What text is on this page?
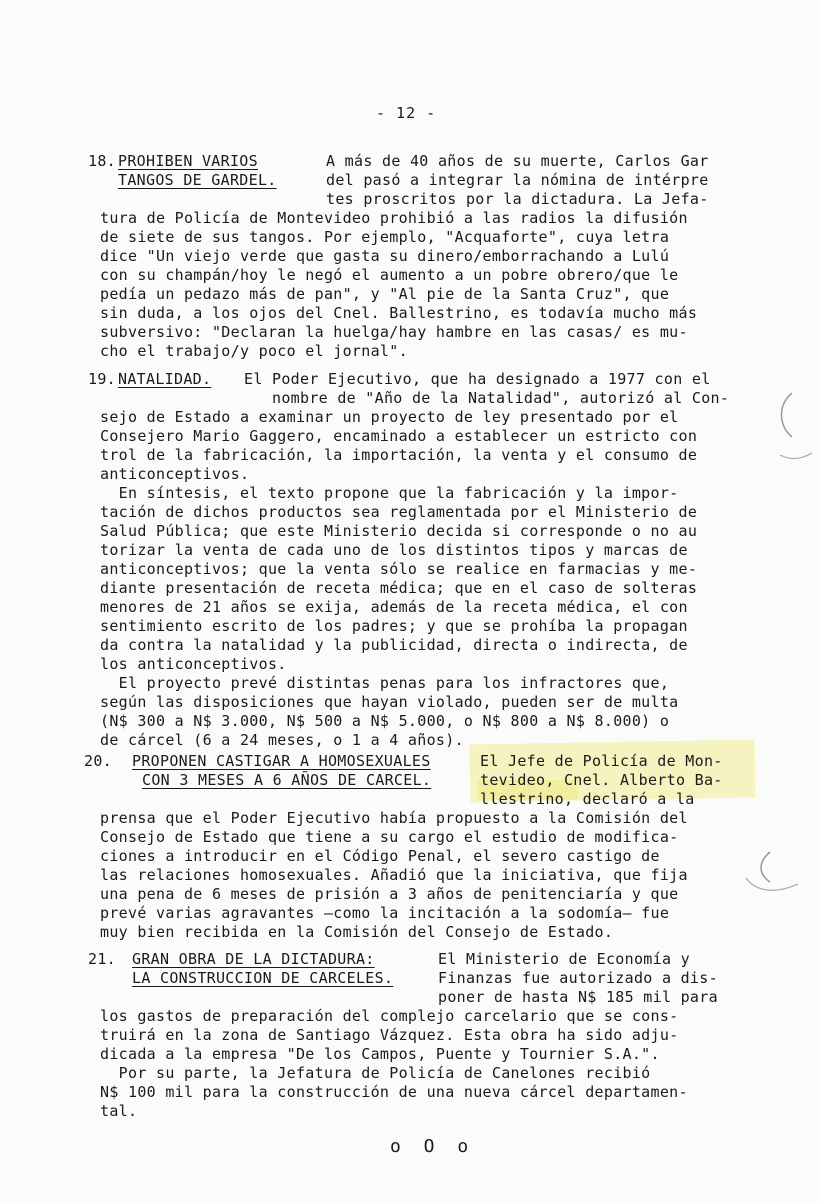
- 12 -
18. PROHIBEN VARIOS
TANGOS DE GARDEL.
A más de 40 años de su muerte, Carlos Gar
del pasó a integrar la nómina de intérpre
tes proscritos por la dictadura. La Jefa-
tura de Policía de Montevideo prohibió a las radios la difusión
de siete de sus tangos. Por ejemplo, "Acquaforte", cuya letra
dice "Un viejo verde que gasta su dinero/emborrachando a Lulú
con su champán/hoy le negó el aumento a un pobre obrero/que le
pedía un pedazo más de pan", y "Al pie de la Santa Cruz", que
sin duda, a los ojos del Cnel. Ballestrino, es todavía mucho más
subversivo: "Declaran la huelga/hay hambre en las casas/ es mu-
cho el trabajo/y poco el jornal".
19. NATALIDAD. El Poder Ejecutivo, que ha designado a 1977 con el
nombre de "Año de la Natalidad", autorizó al Con-
sejo de Estado a examinar un proyecto de ley presentado por el
Consejero Mario Gaggero, encaminado a establecer un estricto con
trol de la fabricación, la importación, la venta y el consumo de
anticonceptivos.
En síntesis, el texto propone que la fabricación y la impor-
tación de dichos productos sea reglamentada por el Ministerio de
Salud Pública; que este Ministerio decida si corresponde o no au
torizar la venta de cada uno de los distintos tipos y marcas de
anticonceptivos; que la venta sólo se realice en farmacias y me-
diante presentación de receta médica; que en el caso de solteras
menores de 21 años se exija, además de la receta médica, el con
sentimiento escrito de los padres; y que se prohíba la propagan
da contra la natalidad y la publicidad, directa o indirecta, de
los anticonceptivos.
El proyecto prevé distintas penas para los infractores que,
según las disposiciones que hayan violado, pueden ser de multa
(N$ 300 a N$ 3.000, N$ 500 a N$ 5.000, o N$ 800 a N$ 8.000) o
de cárcel (6 a 24 meses, o 1 a 4 años).
20. PROPONEN CASTIGAR A HOMOSEXUALES
CON 3 MESES A 6 AÑOS DE CARCEL.
El Jefe de Policía de Mon-
tevideo, Cnel. Alberto Ba-
llestrino, declaró a la
prensa que el Poder Ejecutivo había propuesto a la Comisión del
Consejo de Estado que tiene a su cargo el estudio de modifica-
ciones a introducir en el Código Penal, el severo castigo de
las relaciones homosexuales. Añadió que la iniciativa, que fija
una pena de 6 meses de prisión a 3 años de penitenciaría y que
prevé varias agravantes —como la incitación a la sodomía— fue
muy bien recibida en la Comisión del Consejo de Estado.
21. GRAN OBRA DE LA DICTADURA:
LA CONSTRUCCION DE CARCELES.
El Ministerio de Economía y
Finanzas fue autorizado a dis-
poner de hasta N$ 185 mil para
los gastos de preparación del complejo carcelario que se cons-
truirá en la zona de Santiago Vázquez. Esta obra ha sido adju-
dicada a la empresa "De los Campos, Puente y Tournier S.A.".
Por su parte, la Jefatura de Policía de Canelones recibió
N$ 100 mil para la construcción de una nueva cárcel departamen-
tal.
o O o
